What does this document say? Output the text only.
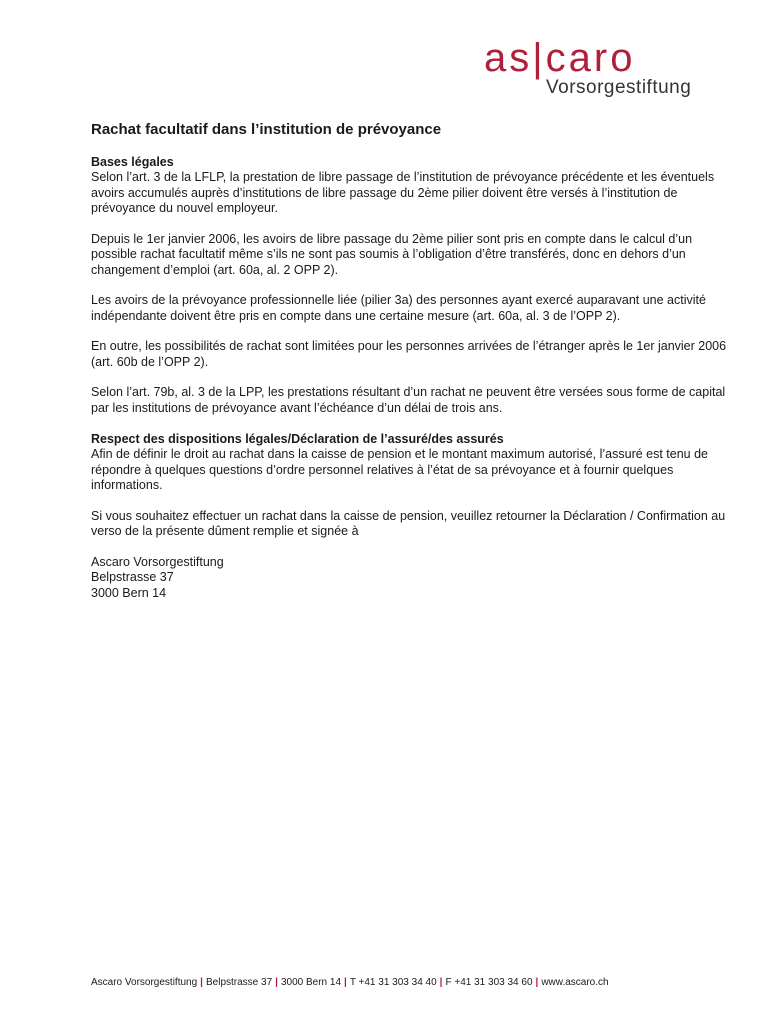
as|caro
Vorsorgestiftung
Rachat facultatif dans l’institution de prévoyance
Bases légales

Selon l’art. 3 de la LFLP, la prestation de libre passage de l’institution de prévoyance précédente et les éventuels avoirs accumulés auprès d’institutions de libre passage du 2ème pilier doivent être versés à l’institution de prévoyance du nouvel employeur.

Depuis le 1er janvier 2006, les avoirs de libre passage du 2ème pilier sont pris en compte dans le calcul d’un possible rachat facultatif même s’ils ne sont pas soumis à l’obligation d’être transférés, donc en dehors d’un changement d’emploi (art. 60a, al. 2 OPP 2).

Les avoirs de la prévoyance professionnelle liée (pilier 3a) des personnes ayant exercé auparavant une activité indépendante doivent être pris en compte dans une certaine mesure (art. 60a, al. 3 de l’OPP 2).

En outre, les possibilités de rachat sont limitées pour les personnes arrivées de l’étranger après le 1er janvier 2006 (art. 60b de l’OPP 2).

Selon l’art. 79b, al. 3 de la LPP, les prestations résultant d’un rachat ne peuvent être versées sous forme de capital par les institutions de prévoyance avant l’échéance d’un délai de trois ans.

Respect des dispositions légales/Déclaration de l’assuré/des assurés

Afin de définir le droit au rachat dans la caisse de pension et le montant maximum autorisé, l’assuré est tenu de répondre à quelques questions d’ordre personnel relatives à l’état de sa prévoyance et à fournir quelques informations.

Si vous souhaitez effectuer un rachat dans la caisse de pension, veuillez retourner la Déclaration / Confirmation au verso de la présente dûment remplie et signée à

Ascaro Vorsorgestiftung

Belpstrasse 37

3000 Bern 14

Ascaro Vorsorgestiftung | Belpstrasse 37 | 3000 Bern 14 | T +41 31 303 34 40 | F +41 31 303 34 60 | www.ascaro.ch
